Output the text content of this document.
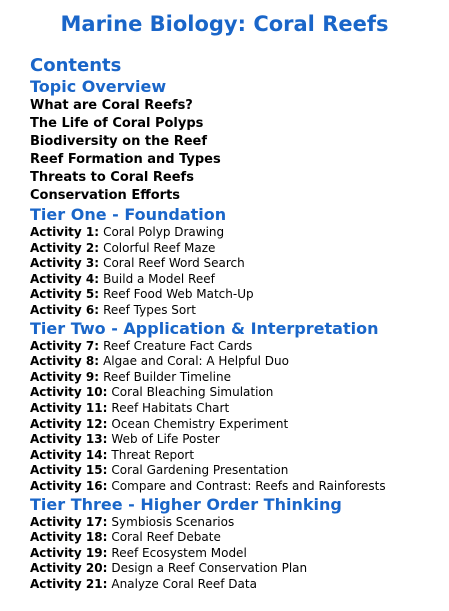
Marine Biology: Coral Reefs
Contents
Topic Overview
What are Coral Reefs?
The Life of Coral Polyps
Biodiversity on the Reef
Reef Formation and Types
Threats to Coral Reefs
Conservation Efforts
Tier One - Foundation
Activity 1: Coral Polyp Drawing
Activity 2: Colorful Reef Maze
Activity 3: Coral Reef Word Search
Activity 4: Build a Model Reef
Activity 5: Reef Food Web Match-Up
Activity 6: Reef Types Sort
Tier Two - Application & Interpretation
Activity 7: Reef Creature Fact Cards
Activity 8: Algae and Coral: A Helpful Duo
Activity 9: Reef Builder Timeline
Activity 10: Coral Bleaching Simulation
Activity 11: Reef Habitats Chart
Activity 12: Ocean Chemistry Experiment
Activity 13: Web of Life Poster
Activity 14: Threat Report
Activity 15: Coral Gardening Presentation
Activity 16: Compare and Contrast: Reefs and Rainforests
Tier Three - Higher Order Thinking
Activity 17: Symbiosis Scenarios
Activity 18: Coral Reef Debate
Activity 19: Reef Ecosystem Model
Activity 20: Design a Reef Conservation Plan
Activity 21: Analyze Coral Reef Data
